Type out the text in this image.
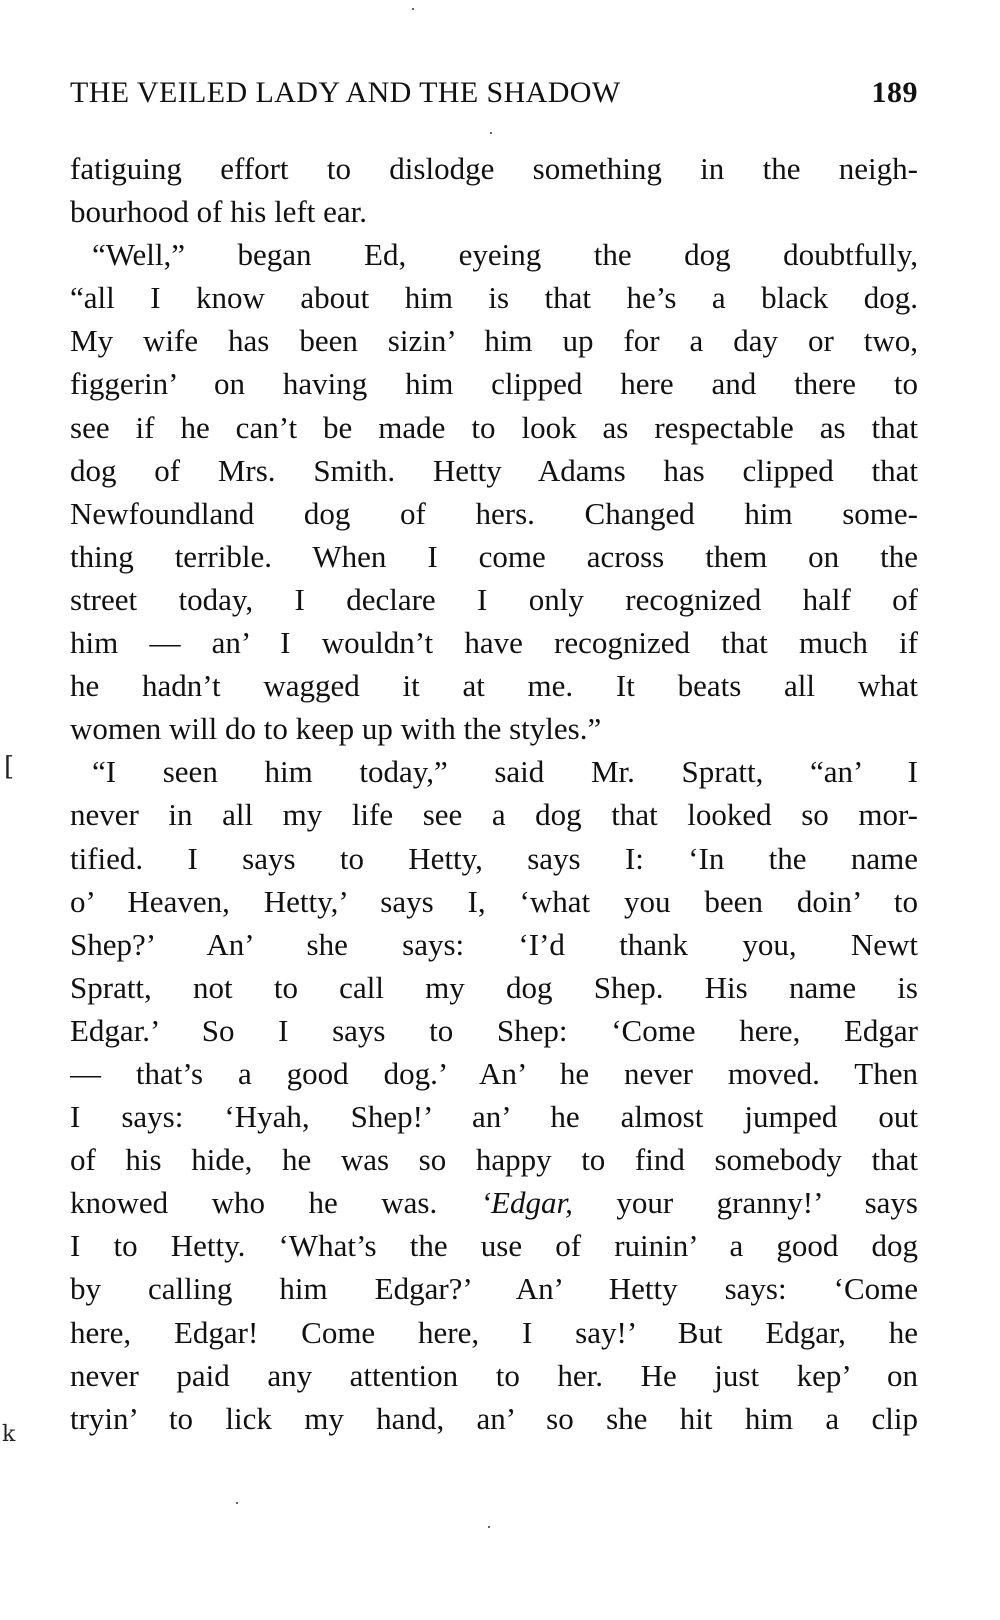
THE VEILED LADY AND THE SHADOW	189
fatiguing effort to dislodge something in the neigh-
bourhood of his left ear.
“Well,” began Ed, eyeing the dog doubtfully,
“all I know about him is that he’s a black dog.
My wife has been sizin’ him up for a day or two,
figgerin’ on having him clipped here and there to
see if he can’t be made to look as respectable as that
dog of Mrs. Smith. Hetty Adams has clipped that
Newfoundland dog of hers. Changed him some-
thing terrible. When I come across them on the
street today, I declare I only recognized half of
him — an’ I wouldn’t have recognized that much if
he hadn’t wagged it at me. It beats all what
women will do to keep up with the styles.”
“I seen him today,” said Mr. Spratt, “an’ I
never in all my life see a dog that looked so mor-
tified. I says to Hetty, says I: ‘In the name
o’ Heaven, Hetty,’ says I, ‘what you been doin’ to
Shep?’ An’ she says: ‘I’d thank you, Newt
Spratt, not to call my dog Shep. His name is
Edgar.’ So I says to Shep: ‘Come here, Edgar
— that’s a good dog.’ An’ he never moved. Then
I says: ‘Hyah, Shep!’ an’ he almost jumped out
of his hide, he was so happy to find somebody that
knowed who he was. ‘Edgar, your granny!’ says
I to Hetty. ‘What’s the use of ruinin’ a good dog
by calling him Edgar?’ An’ Hetty says: ‘Come
here, Edgar! Come here, I say!’ But Edgar, he
never paid any attention to her. He just kep’ on
tryin’ to lick my hand, an’ so she hit him a clip
[
k
